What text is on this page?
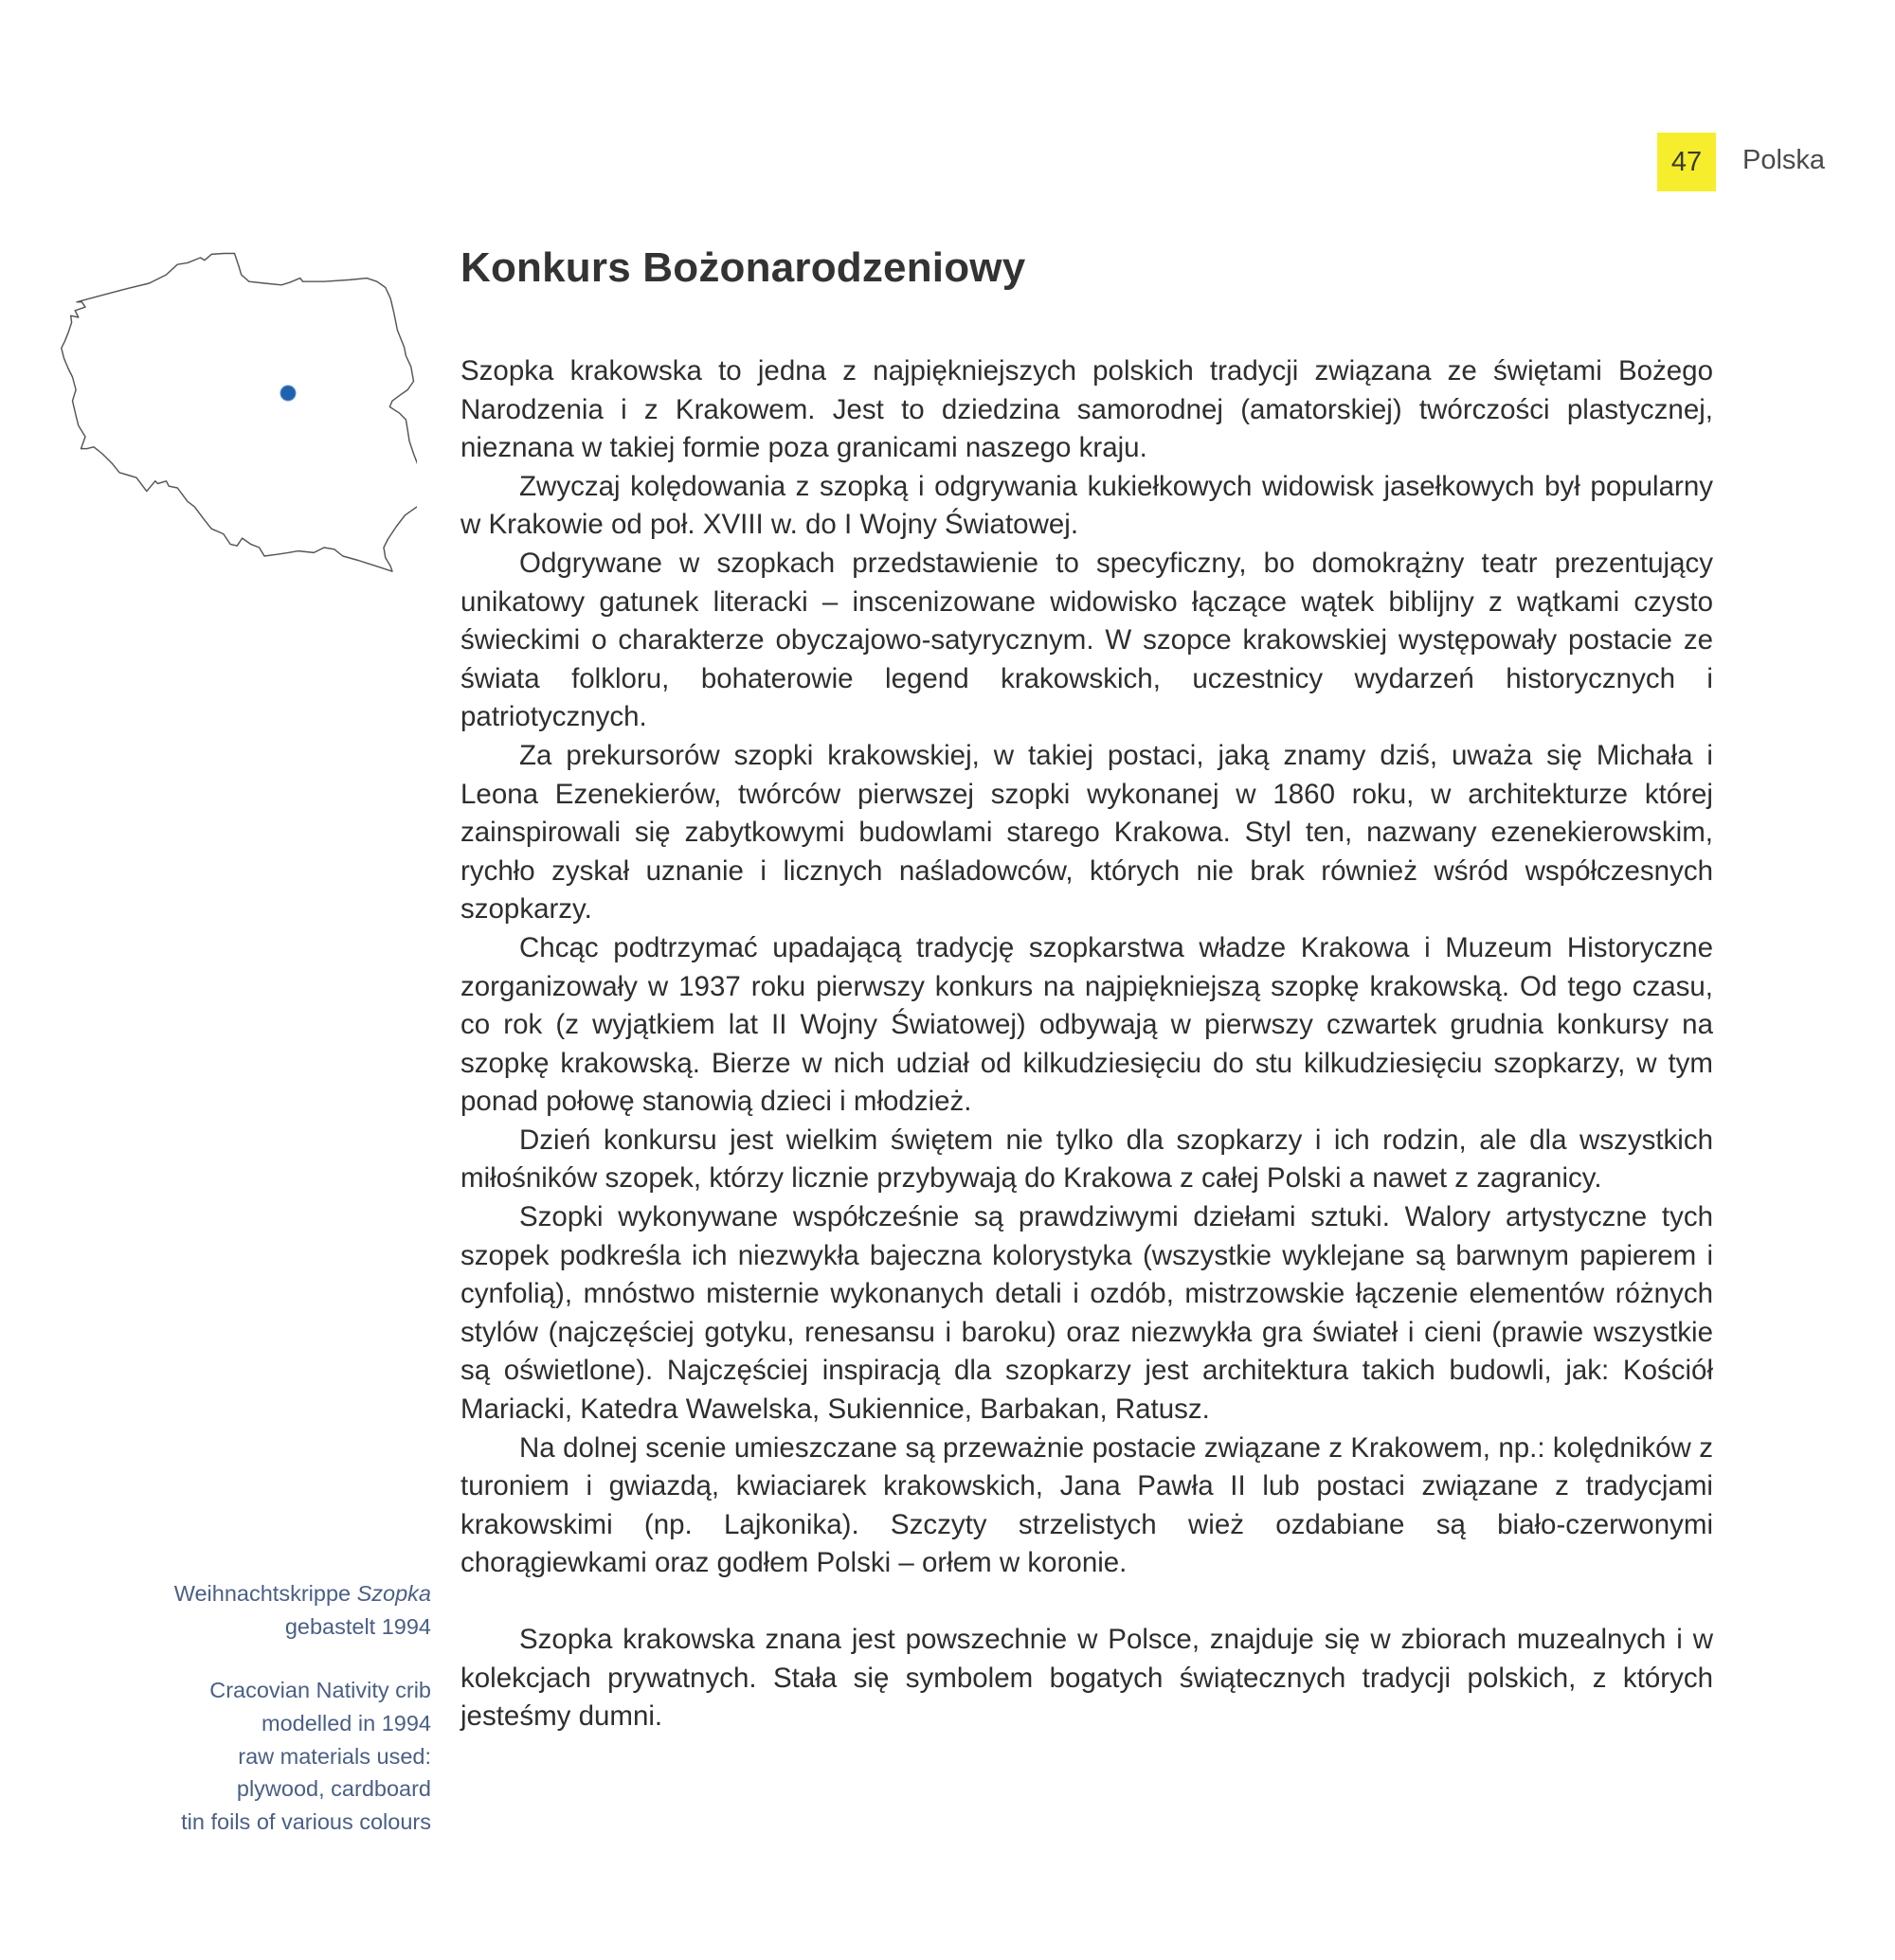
47 Polska
Konkurs Bożonarodzeniowy

Szopka krakowska to jedna z najpiękniejszych polskich tradycji związana ze świętami Bożego Narodzenia i z Krakowem. Jest to dziedzina samorodnej (amatorskiej) twórczości plastycznej, nieznana w takiej formie poza granicami naszego kraju.

Zwyczaj kolędowania z szopką i odgrywania kukiełkowych widowisk jasełkowych był popularny w Krakowie od poł. XVIII w. do I Wojny Światowej.

Odgrywane w szopkach przedstawienie to specyficzny, bo domokrążny teatr prezentujący unikatowy gatunek literacki – inscenizowane widowisko łączące wątek biblijny z wątkami czysto świeckimi o charakterze obyczajowo-satyrycznym. W szopce krakowskiej występowały postacie ze świata folkloru, bohaterowie legend krakowskich, uczestnicy wydarzeń historycznych i patriotycznych.

Za prekursorów szopki krakowskiej, w takiej postaci, jaką znamy dziś, uważa się Michała i Leona Ezenekierów, twórców pierwszej szopki wykonanej w 1860 roku, w architekturze której zainspirowali się zabytkowymi budowlami starego Krakowa. Styl ten, nazwany ezenekierowskim, rychło zyskał uznanie i licznych naśladowców, których nie brak również wśród współczesnych szopkarzy.

Chcąc podtrzymać upadającą tradycję szopkarstwa władze Krakowa i Muzeum Historyczne zorganizowały w 1937 roku pierwszy konkurs na najpiękniejszą szopkę krakowską. Od tego czasu, co rok (z wyjątkiem lat II Wojny Światowej) odbywają w pierwszy czwartek grudnia konkursy na szopkę krakowską. Bierze w nich udział od kilkudziesięciu do stu kilkudziesięciu szopkarzy, w tym ponad połowę stanowią dzieci i młodzież.

Dzień konkursu jest wielkim świętem nie tylko dla szopkarzy i ich rodzin, ale dla wszystkich miłośników szopek, którzy licznie przybywają do Krakowa z całej Polski a nawet z zagranicy.

Szopki wykonywane współcześnie są prawdziwymi dziełami sztuki. Walory artystyczne tych szopek podkreśla ich niezwykła bajeczna kolorystyka (wszystkie wyklejane są barwnym papierem i cynfolią), mnóstwo misternie wykonanych detali i ozdób, mistrzowskie łączenie elementów różnych stylów (najczęściej gotyku, renesansu i baroku) oraz niezwykła gra świateł i cieni (prawie wszystkie są oświetlone). Najczęściej inspiracją dla szopkarzy jest architektura takich budowli, jak: Kościół Mariacki, Katedra Wawelska, Sukiennice, Barbakan, Ratusz.

Na dolnej scenie umieszczane są przeważnie postacie związane z Krakowem, np.: kolędników z turoniem i gwiazdą, kwiaciarek krakowskich, Jana Pawła II lub postaci związane z tradycjami krakowskimi (np. Lajkonika). Szczyty strzelistych wież ozdabiane są biało-czerwonymi chorągiewkami oraz godłem Polski – orłem w koronie.

Szopka krakowska znana jest powszechnie w Polsce, znajduje się w zbiorach muzealnych i w kolekcjach prywatnych. Stała się symbolem bogatych świątecznych tradycji polskich, z których jesteśmy dumni.

Weihnachtskrippe Szopka
gebastelt 1994
Cracovian Nativity crib
modelled in 1994
raw materials used:
plywood, cardboard
tin foils of various colours
